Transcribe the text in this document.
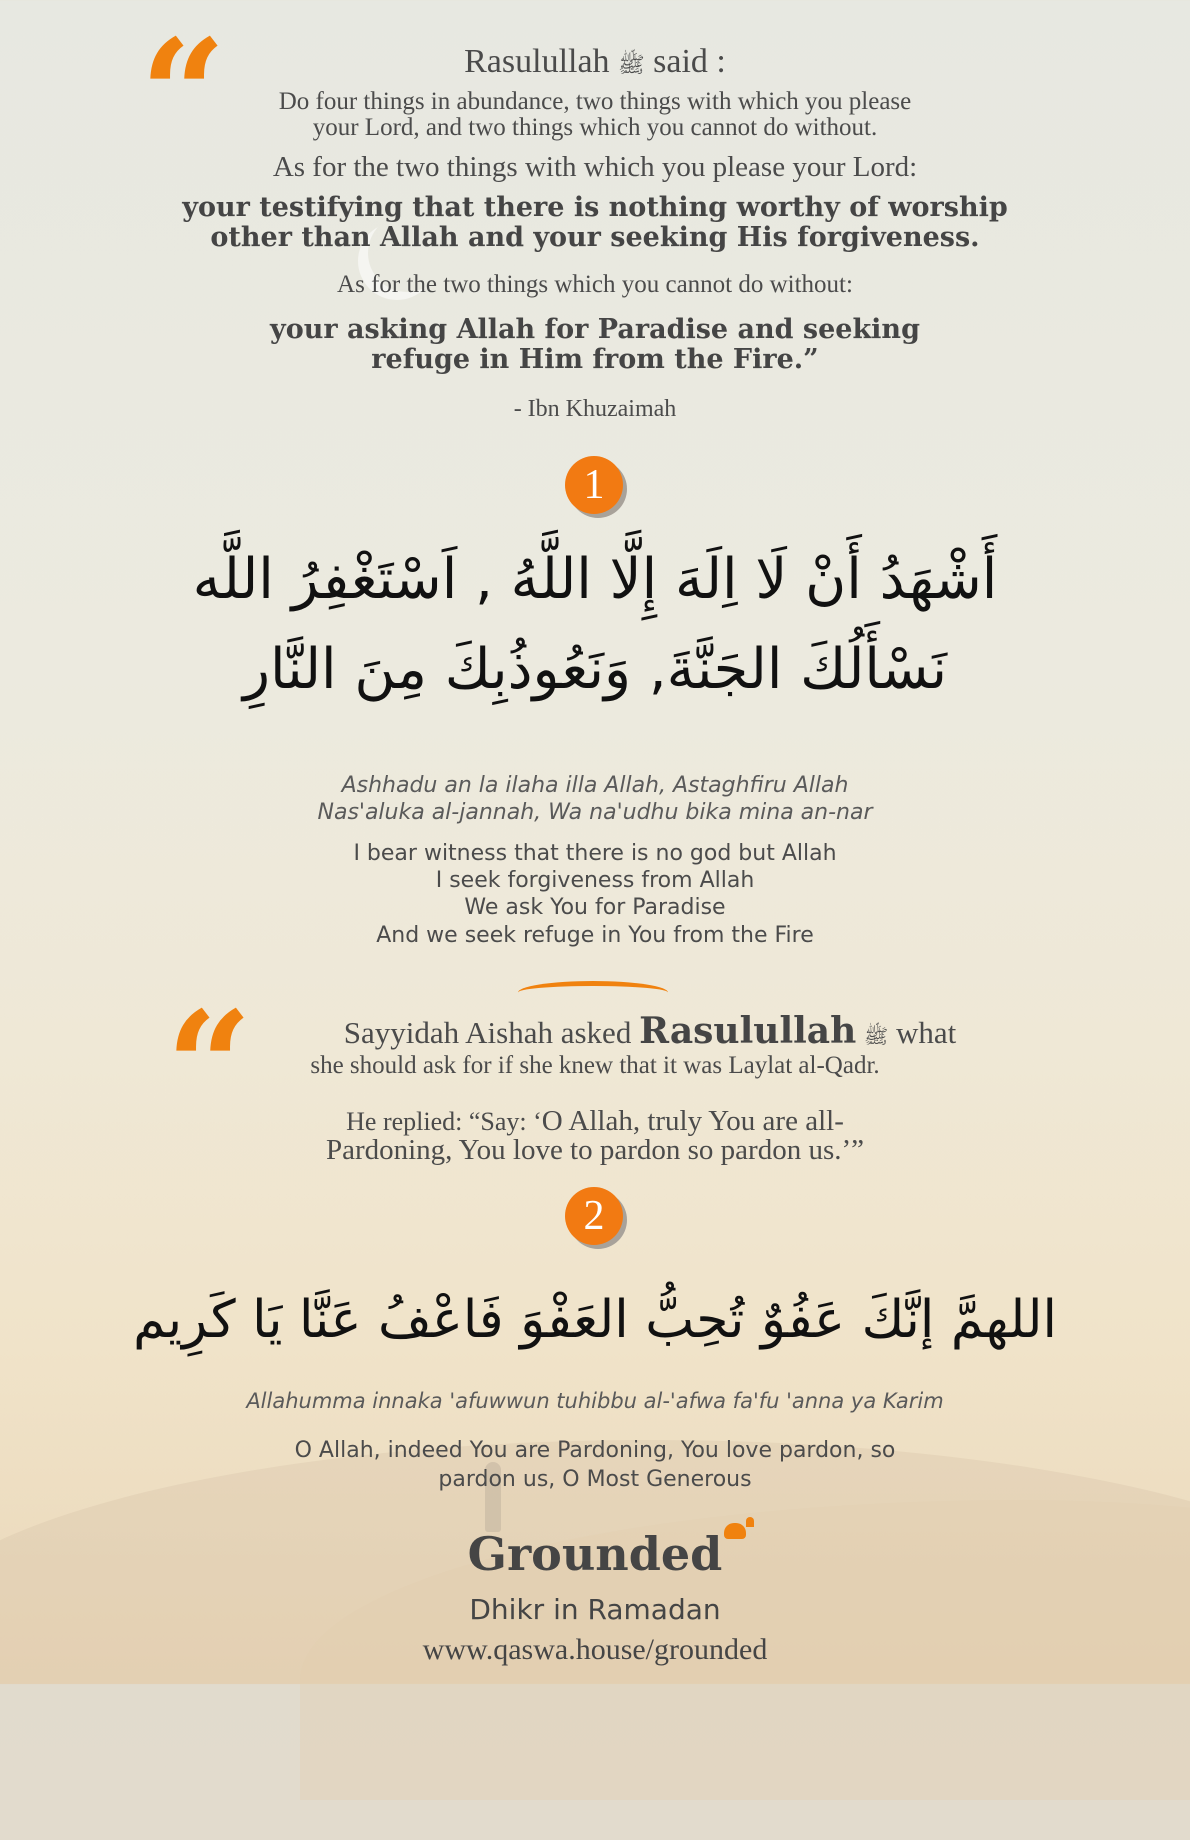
“	Rasulullah ﷺ said :

Do four things in abundance, two things with which you please

your Lord, and two things which you cannot do without.

As for the two things with which you please your Lord:

your testifying that there is nothing worthy of worship

other than Allah and your seeking His forgiveness.

As for the two things which you cannot do without:

your asking Allah for Paradise and seeking

refuge in Him from the Fire.”

- Ibn Khuzaimah

1

أَشْهَدُ أَنْ لَا اِلَهَ إِلَّا اللَّهُ , اَسْتَغْفِرُ اللَّه

نَسْأَلُكَ الجَنَّةَ, وَنَعُوذُبِكَ مِنَ النَّارِ

Ashhadu an la ilaha illa Allah, Astaghfiru Allah

Nas'aluka al-jannah, Wa na'udhu bika mina an-nar

I bear witness that there is no god but Allah

I seek forgiveness from Allah

We ask You for Paradise

And we seek refuge in You from the Fire

“	Sayyidah Aishah asked Rasulullah ﷺ what

she should ask for if she knew that it was Laylat al-Qadr.

He replied: “Say: ‘O Allah, truly You are all-

Pardoning, You love to pardon so pardon us.’”

2

اللهمَّ إنَّكَ عَفُوٌ تُحِبُّ العَفْوَ فَاعْفُ عَنَّا يَا كَرِيم

Allahumma innaka 'afuwwun tuhibbu al-'afwa fa'fu 'anna ya Karim

O Allah, indeed You are Pardoning, You love pardon, so

pardon us, O Most Generous

Grounded

Dhikr in Ramadan

www.qaswa.house/grounded
